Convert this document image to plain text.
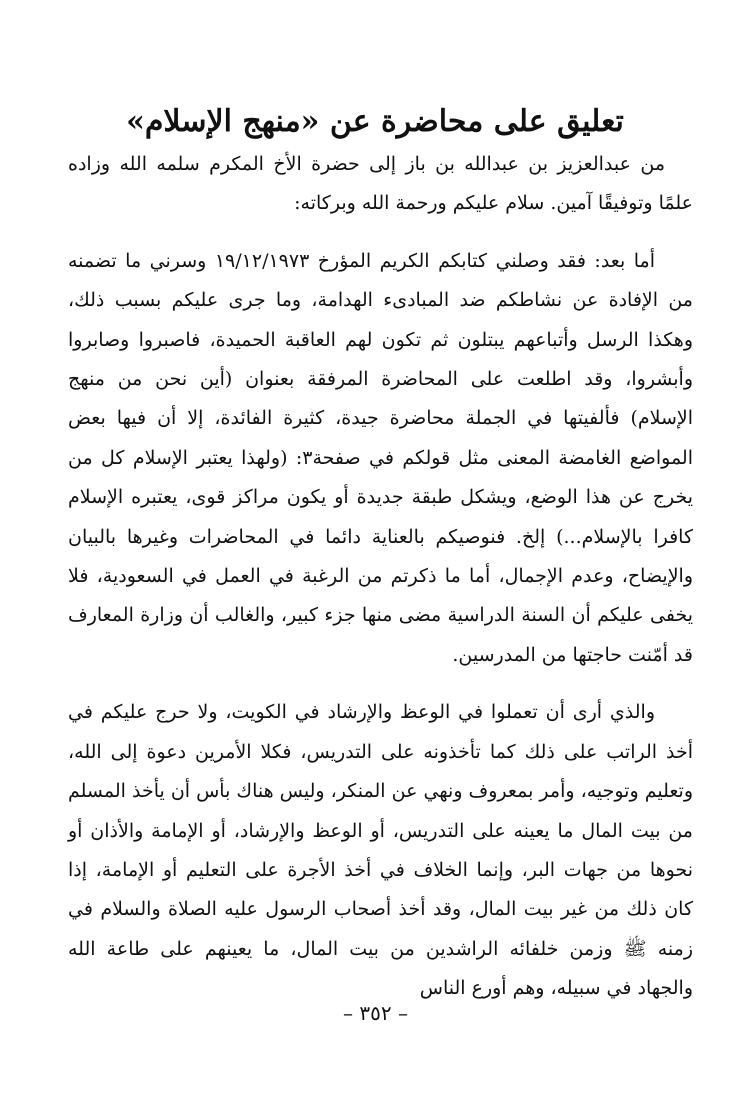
تعليق على محاضرة عن «منهج الإسلام»

من عبدالعزيز بن عبدالله بن باز إلى حضرة الأخ المكرم سلمه الله وزاده علمًا وتوفيقًا آمين. سلام عليكم ورحمة الله وبركاته:

أما بعد: فقد وصلني كتابكم الكريم المؤرخ ١٩/١٢/١٩٧٣ وسرني ما تضمنه من الإفادة عن نشاطكم ضد المبادىء الهدامة، وما جرى عليكم بسبب ذلك، وهكذا الرسل وأتباعهم يبتلون ثم تكون لهم العاقبة الحميدة، فاصبروا وصابروا وأبشروا، وقد اطلعت على المحاضرة المرفقة بعنوان (أين نحن من منهج الإسلام) فألفيتها في الجملة محاضرة جيدة، كثيرة الفائدة، إلا أن فيها بعض المواضع الغامضة المعنى مثل قولكم في صفحة٣: (ولهذا يعتبر الإسلام كل من يخرج عن هذا الوضع، ويشكل طبقة جديدة أو يكون مراكز قوى، يعتبره الإسلام كافرا بالإسلام...) إلخ. فنوصيكم بالعناية دائما في المحاضرات وغيرها بالبيان والإيضاح، وعدم الإجمال، أما ما ذكرتم من الرغبة في العمل في السعودية، فلا يخفى عليكم أن السنة الدراسية مضى منها جزء كبير، والغالب أن وزارة المعارف قد أمّنت حاجتها من المدرسين.

والذي أرى أن تعملوا في الوعظ والإرشاد في الكويت، ولا حرج عليكم في أخذ الراتب على ذلك كما تأخذونه على التدريس، فكلا الأمرين دعوة إلى الله، وتعليم وتوجيه، وأمر بمعروف ونهي عن المنكر، وليس هناك بأس أن يأخذ المسلم من بيت المال ما يعينه على التدريس، أو الوعظ والإرشاد، أو الإمامة والأذان أو نحوها من جهات البر، وإنما الخلاف في أخذ الأجرة على التعليم أو الإمامة، إذا كان ذلك من غير بيت المال، وقد أخذ أصحاب الرسول عليه الصلاة والسلام في زمنه ﷺ وزمن خلفائه الراشدين من بيت المال، ما يعينهم على طاعة الله والجهاد في سبيله، وهم أورع الناس

– ٣٥٢ –
